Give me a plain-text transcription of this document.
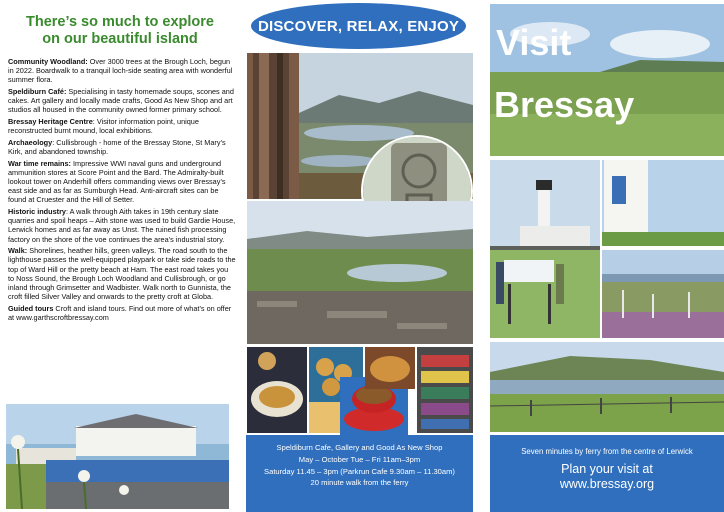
There’s so much to explore
on our beautiful island

Community Woodland: Over 3000 trees at the Brough Loch, begun in 2022. Boardwalk to a tranquil loch-side seating area with wonderful summer flora.

Speldiburn Café: Specialising in tasty homemade soups, scones and cakes. Art gallery and locally made crafts, Good As New Shop and art studios all housed in the community owned former primary school.

Bressay Heritage Centre: Visitor information point, unique reconstructed burnt mound, local exhibitions.

Archaeology: Cullisbrough - home of the Bressay Stone, St Mary’s Kirk, and abandoned township.

War time remains: Impressive WWI naval guns and underground ammunition stores at Score Point and the Bard. The Admiralty-built lookout tower on Anderhill offers commanding views over Bressay’s east side and as far as Sumburgh Head. Anti-aircraft sites can be found at Cruester and the Hill of Setter.

Historic industry: A walk through Aith takes in 19th century slate quarries and spoil heaps – Aith stone was used to build Gardie House, Lerwick homes and as far away as Unst. The ruined fish processing factory on the shore of the voe continues the area’s industrial story.

Walk: Shorelines, heather hills, green valleys. The road south to the lighthouse passes the well-equipped playpark or take side roads to the top of Ward Hill or the pretty beach at Ham. The east road takes you to Noss Sound, the Brough Loch Woodland and Cullisbrough, or go inland through Grimsetter and Wadbister. Walk north to Gunnista, the croft filled Silver Valley and onwards to the pretty croft at Globa.

Guided tours Croft and island tours. Find out more of what’s on offer at www.garthscroftbressay.com

DISCOVER, RELAX, ENJOY
Speldiburn Cafe, Gallery and Good As New Shop
May – October Tue – Fri 11am–3pm
Saturday 11.45 – 3pm (Parkrun Cafe 9.30am – 11.30am)
20 minute walk from the ferry
Visit
Bressay
Seven minutes by ferry from the centre of Lerwick
Plan your visit at
www.bressay.org
